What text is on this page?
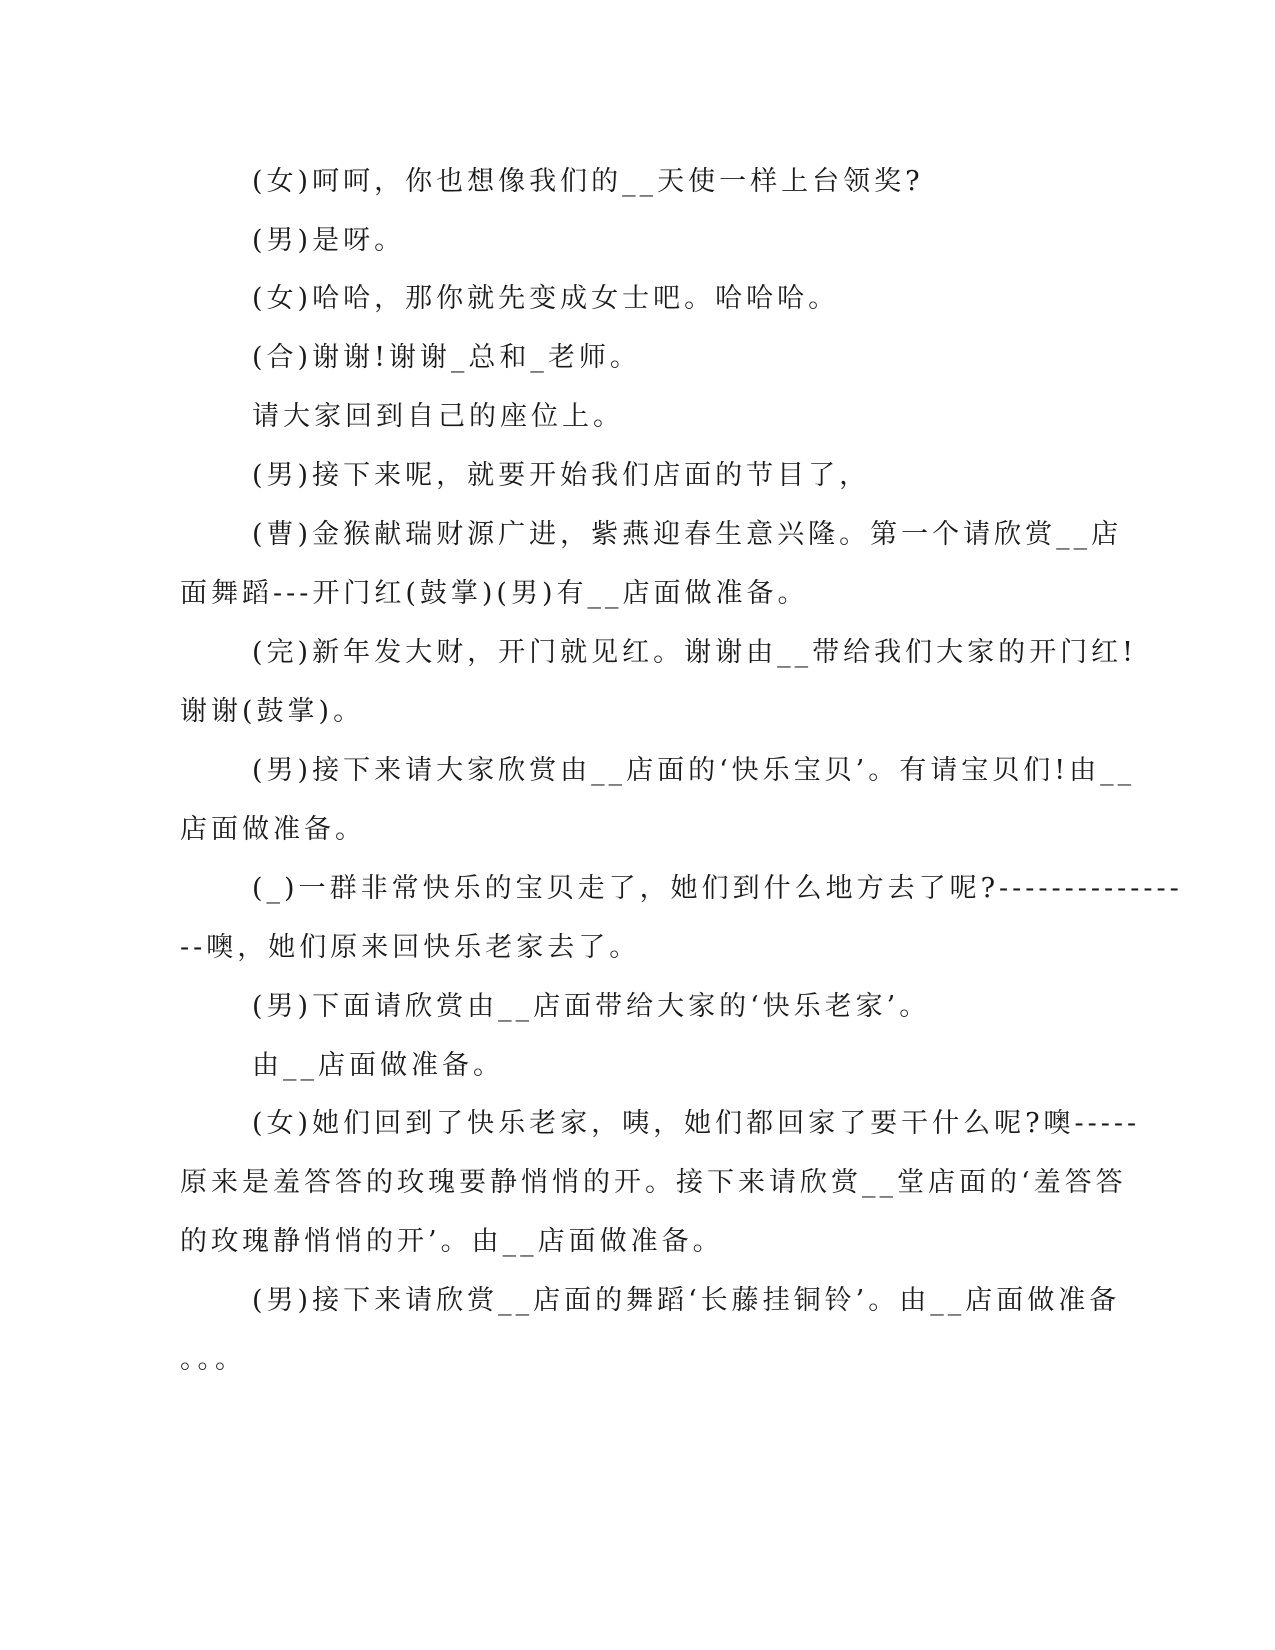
(女)呵呵，你也想像我们的__天使一样上台领奖?
(男)是呀。
(女)哈哈，那你就先变成女士吧。哈哈哈。
(合)谢谢!谢谢_总和_老师。
请大家回到自己的座位上。
(男)接下来呢，就要开始我们店面的节目了，
(曹)金猴献瑞财源广进，紫燕迎春生意兴隆。第一个请欣赏__店
面舞蹈---开门红(鼓掌)(男)有__店面做准备。
(完)新年发大财，开门就见红。谢谢由__带给我们大家的开门红!
谢谢(鼓掌)。
(男)接下来请大家欣赏由__店面的‘快乐宝贝’。有请宝贝们!由__
店面做准备。
(_)一群非常快乐的宝贝走了，她们到什么地方去了呢?--------------
--噢，她们原来回快乐老家去了。
(男)下面请欣赏由__店面带给大家的‘快乐老家’。
由__店面做准备。
(女)她们回到了快乐老家，咦，她们都回家了要干什么呢?噢-----
原来是羞答答的玫瑰要静悄悄的开。接下来请欣赏__堂店面的‘羞答答
的玫瑰静悄悄的开’。由__店面做准备。
(男)接下来请欣赏__店面的舞蹈‘长藤挂铜铃’。由__店面做准备
。。。
